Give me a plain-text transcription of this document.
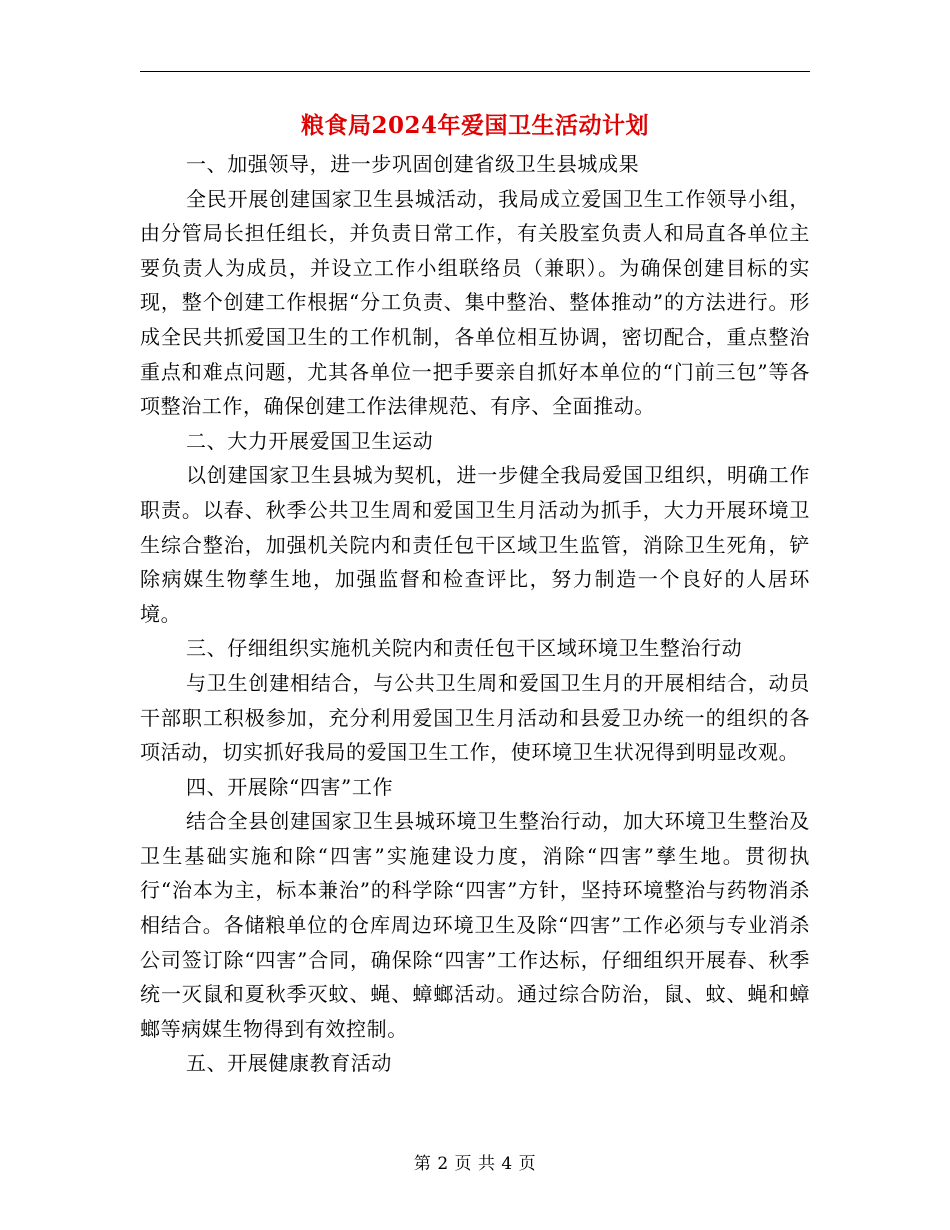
粮食局2024年爱国卫生活动计划

一、加强领导，进一步巩固创建省级卫生县城成果

全民开展创建国家卫生县城活动，我局成立爱国卫生工作领导小组，由分管局长担任组长，并负责日常工作，有关股室负责人和局直各单位主要负责人为成员，并设立工作小组联络员（兼职）。为确保创建目标的实现，整个创建工作根据“分工负责、集中整治、整体推动”的方法进行。形成全民共抓爱国卫生的工作机制，各单位相互协调，密切配合，重点整治重点和难点问题，尤其各单位一把手要亲自抓好本单位的“门前三包”等各项整治工作，确保创建工作法律规范、有序、全面推动。

二、大力开展爱国卫生运动

以创建国家卫生县城为契机，进一步健全我局爱国卫组织，明确工作职责。以春、秋季公共卫生周和爱国卫生月活动为抓手，大力开展环境卫生综合整治，加强机关院内和责任包干区域卫生监管，消除卫生死角，铲除病媒生物孳生地，加强监督和检查评比，努力制造一个良好的人居环境。

三、仔细组织实施机关院内和责任包干区域环境卫生整治行动

与卫生创建相结合，与公共卫生周和爱国卫生月的开展相结合，动员干部职工积极参加，充分利用爱国卫生月活动和县爱卫办统一的组织的各项活动，切实抓好我局的爱国卫生工作，使环境卫生状况得到明显改观。

四、开展除“四害”工作

结合全县创建国家卫生县城环境卫生整治行动，加大环境卫生整治及卫生基础实施和除“四害”实施建设力度，消除“四害”孳生地。贯彻执行“治本为主，标本兼治”的科学除“四害”方针，坚持环境整治与药物消杀相结合。各储粮单位的仓库周边环境卫生及除“四害”工作必须与专业消杀公司签订除“四害”合同，确保除“四害”工作达标，仔细组织开展春、秋季统一灭鼠和夏秋季灭蚊、蝇、蟑螂活动。通过综合防治，鼠、蚊、蝇和蟑螂等病媒生物得到有效控制。

五、开展健康教育活动

第 2 页 共 4 页
